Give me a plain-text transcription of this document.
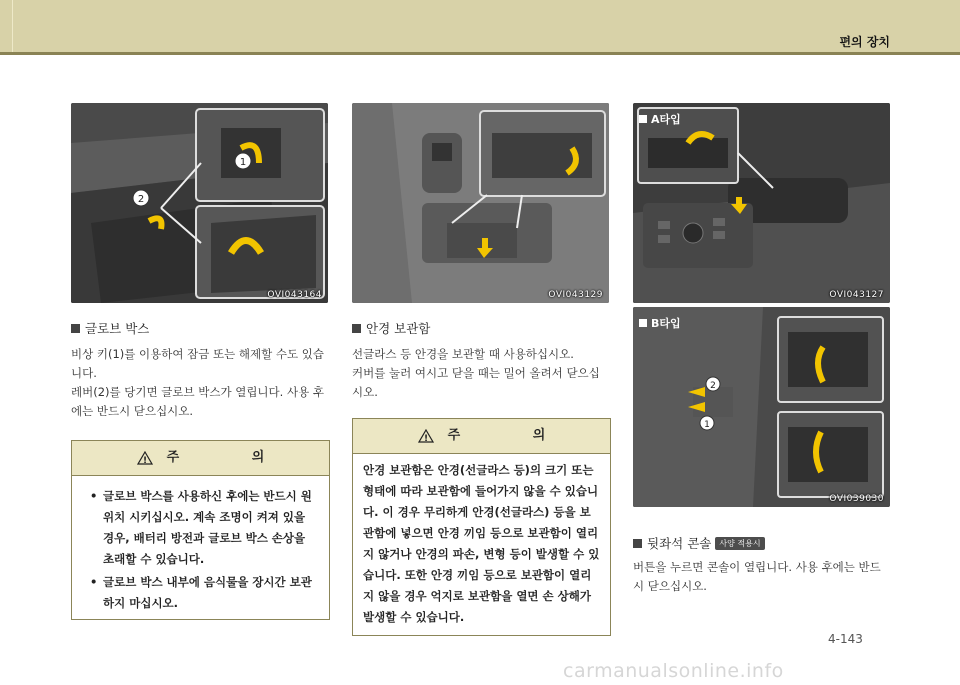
편의 장치
1
2
OVI043164
글로브 박스

비상 키(1)를 이용하여 잠금 또는 해제할 수도 있습니다.

레버(2)를 당기면 글로브 박스가 열립니다. 사용 후에는 반드시 닫으십시오.

! 주 의
• 글로브 박스를 사용하신 후에는 반드시 원위치 시키십시오. 계속 조명이 켜져 있을 경우, 배터리 방전과 글로브 박스 손상을 초래할 수 있습니다.
• 글로브 박스 내부에 음식물을 장시간 보관하지 마십시오.
OVI043129
안경 보관함

선글라스 등 안경을 보관할 때 사용하십시오.

커버를 눌러 여시고 닫을 때는 밀어 올려서 닫으십시오.

! 주 의
안경 보관함은 안경(선글라스 등)의 크기 또는 형태에 따라 보관함에 들어가지 않을 수 있습니다. 이 경우 무리하게 안경(선글라스) 등을 보관함에 넣으면 안경 끼임 등으로 보관함이 열리지 않거나 안경의 파손, 변형 등이 발생할 수 있습니다. 또한 안경 끼임 등으로 보관함이 열리지 않을 경우 억지로 보관함을 열면 손 상해가 발생할 수 있습니다.
A타입
OVI043127
2
1
B타입
OVI039030
뒷좌석 콘솔 사양 적용시

버튼을 누르면 콘솔이 열립니다. 사용 후에는 반드시 닫으십시오.

4-143
carmanualsonline.info
